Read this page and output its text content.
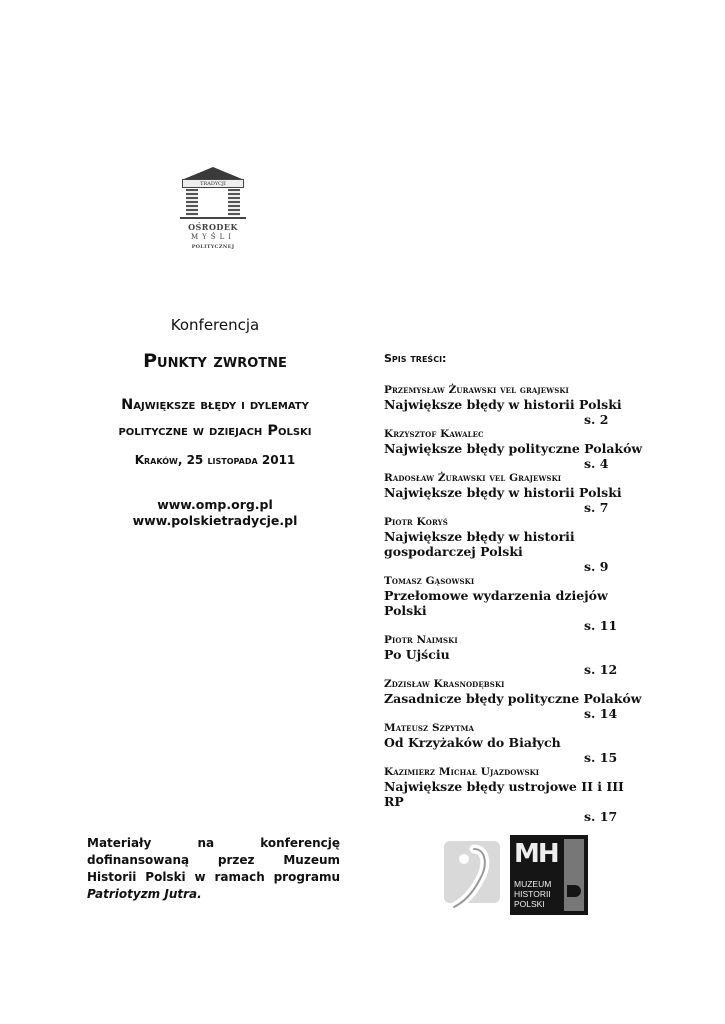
TRADYCJI
OŚRODEK
MYŚLI
POLITYCZNEJ
Konferencja
Punkty zwrotne
Największe błędy i dylematy
polityczne w dziejach Polski
Kraków, 25 listopada 2011
www.omp.org.pl
www.polskietradycje.pl
Spis treści:
Przemysław Żurawski vel grajewski
Największe błędy w historii Polski
s. 2
Krzysztof Kawalec
Największe błędy polityczne Polaków
s. 4
Radosław Żurawski vel Grajewski
Największe błędy w historii Polski
s. 7
Piotr Koryś
Największe błędy w historii gospodarczej Polski
s. 9
Tomasz Gąsowski
Przełomowe wydarzenia dziejów Polski
s. 11
Piotr Naimski
Po Ujściu
s. 12
Zdzisław Krasnodębski
Zasadnicze błędy polityczne Polaków
s. 14
Mateusz Szpytma
Od Krzyżaków do Białych
s. 15
Kazimierz Michał Ujazdowski
Największe błędy ustrojowe II i III RP
s. 17
Materiały na konferencję dofinansowaną przez Muzeum Historii Polski w ramach programu Patriotyzm Jutra.
MH
MUZEUM
HISTORII
POLSKI
